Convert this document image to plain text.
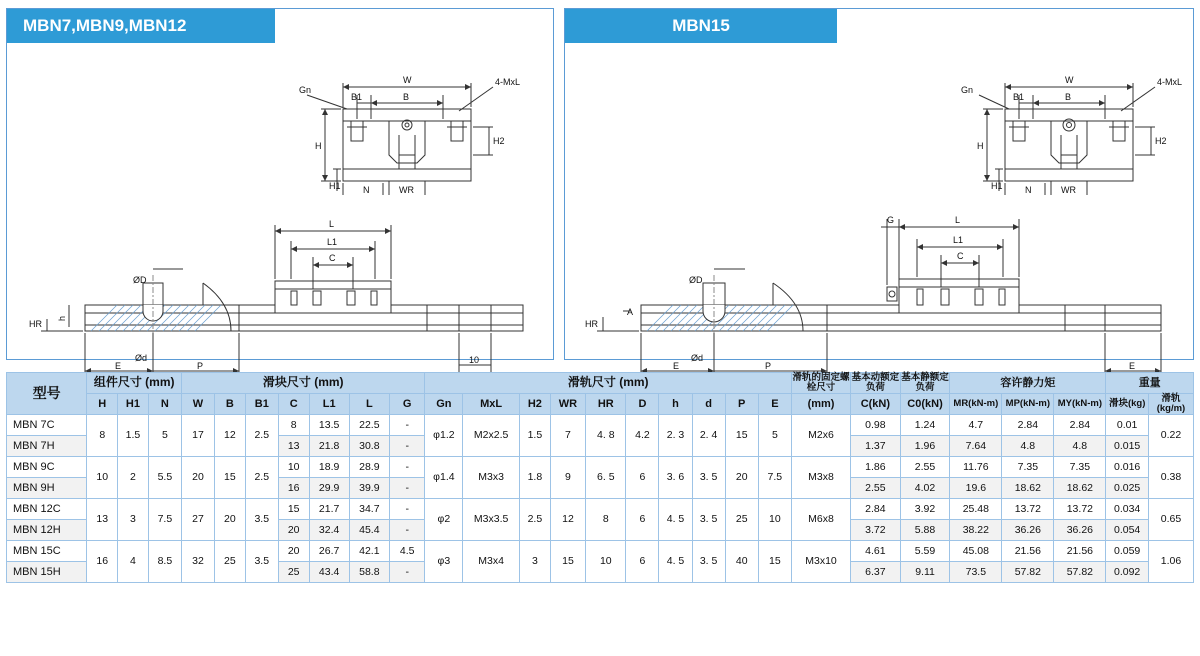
MBN7,MBN9,MBN12
W
B1	B
Gn
4-MxL
H
H1
H2
N	WR
HR
h
ØD
Ød
L
L1
C
E	P
10
MBN15
W
B1	B
Gn
4-MxL
H
H1
H2
N	WR
HR
A
ØD
Ød
G	L
L1
C
E	P	E
型号	组件尺寸 (mm)			滑块尺寸 (mm)							滑轨尺寸 (mm)										滑轨的固定螺栓尺寸	基本动额定负荷	基本静额定负荷	容许静力矩			重量	

	H	H1	N	W	B	B1	C	L1	L	G	Gn	MxL	H2	WR	HR	D	h	d	P	E	(mm)	C(kN)	C0(kN)	MR(kN-m)	MP(kN-m)	MY(kN-m)	滑块(kg)	滑轨(kg/m)
MBN 7C	8	1.5	5	17	12	2.5	8	13.5	22.5	-	φ1.2	M2x2.5	1.5	7	4. 8	4.2	2. 3	2. 4	15	5	M2x6	0.98	1.24	4.7	2.84	2.84	0.01	0.22
MBN 7H							13	21.8	30.8	-												1.37	1.96	7.64	4.8	4.8	0.015	
MBN 9C	10	2	5.5	20	15	2.5	10	18.9	28.9	-	φ1.4	M3x3	1.8	9	6. 5	6	3. 6	3. 5	20	7.5	M3x8	1.86	2.55	11.76	7.35	7.35	0.016	0.38
MBN 9H							16	29.9	39.9	-												2.55	4.02	19.6	18.62	18.62	0.025	
MBN 12C	13	3	7.5	27	20	3.5	15	21.7	34.7	-	φ2	M3x3.5	2.5	12	8	6	4. 5	3. 5	25	10	M6x8	2.84	3.92	25.48	13.72	13.72	0.034	0.65
MBN 12H							20	32.4	45.4	-												3.72	5.88	38.22	36.26	36.26	0.054	
MBN 15C	16	4	8.5	32	25	3.5	20	26.7	42.1	4.5	φ3	M3x4	3	15	10	6	4. 5	3. 5	40	15	M3x10	4.61	5.59	45.08	21.56	21.56	0.059	1.06
MBN 15H							25	43.4	58.8	-												6.37	9.11	73.5	57.82	57.82	0.092	
